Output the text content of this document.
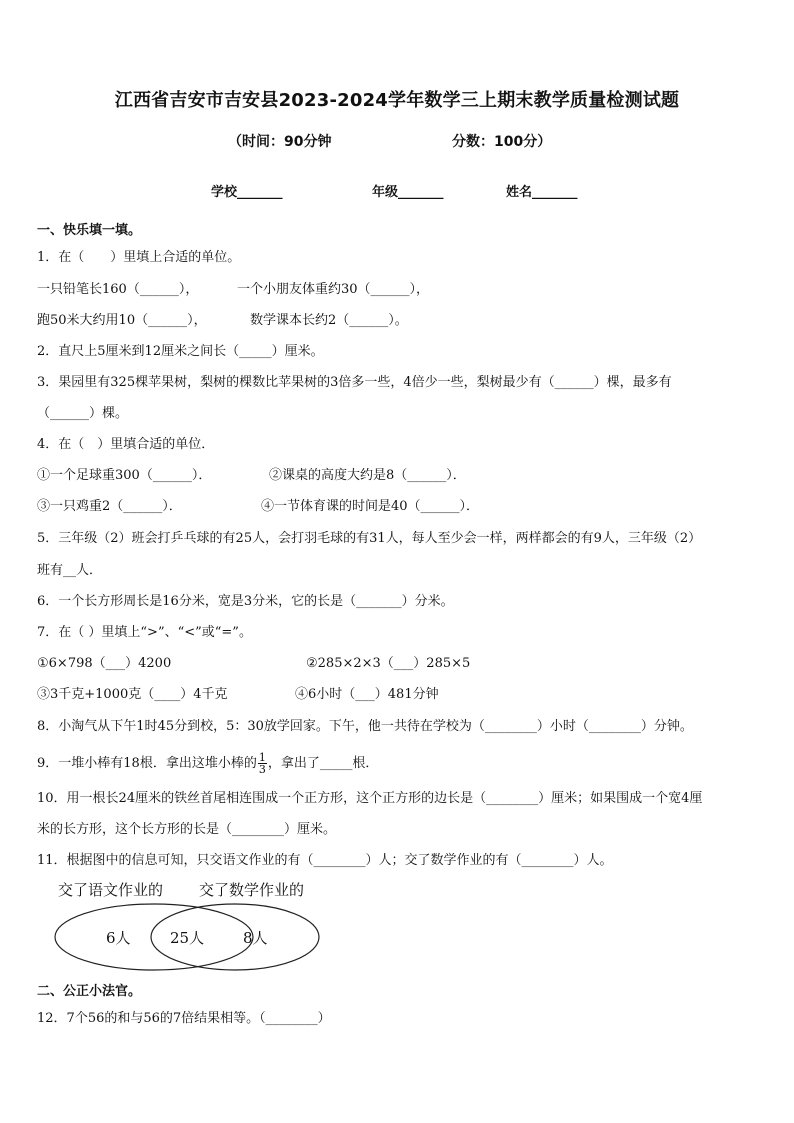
江西省吉安市吉安县2023-2024学年数学三上期末教学质量检测试题
（时间：90分钟	分数：100分）
学校_______	年级_______	姓名_______
一、快乐填一填。
1．在（　　）里填上合适的单位。
一只铅笔长160（______），	一个小朋友体重约30（______），
跑50米大约用10（______），	数学课本长约2（______）。
2．直尺上5厘米到12厘米之间长（_____）厘米。
3．果园里有325棵苹果树，梨树的棵数比苹果树的3倍多一些，4倍少一些，梨树最少有（______）棵，最多有
（______）棵。
4．在（　）里填合适的单位．
①一个足球重300（______）．	②课桌的高度大约是8（______）．
③一只鸡重2（______）．	④一节体育课的时间是40（______）．
5．三年级（2）班会打乒乓球的有25人，会打羽毛球的有31人，每人至少会一样，两样都会的有9人，三年级（2）
班有__人．
6．一个长方形周长是16分米，宽是3分米，它的长是（_______）分米。
7．在（ ）里填上“>”、“<”或“=”。
①6×798（___）4200	②285×2×3（___）285×5
③3千克+1000克（____）4千克	④6小时（___）481分钟
8．小淘气从下午1时45分到校，5：30放学回家。下午，他一共待在学校为（________）小时（________）分钟。
9．一堆小棒有18根．拿出这堆小棒的 $\frac{1}{3}$ ，拿出了_____根．
10．用一根长24厘米的铁丝首尾相连围成一个正方形，这个正方形的边长是（________）厘米；如果围成一个宽4厘
米的长方形，这个长方形的长是（________）厘米。
11．根据图中的信息可知，只交语文作业的有（________）人；交了数学作业的有（________）人。
交了语文作业的 交了数学作业的
6人	25人	8人
二、公正小法官。
12．7个56的和与56的7倍结果相等。（________）
